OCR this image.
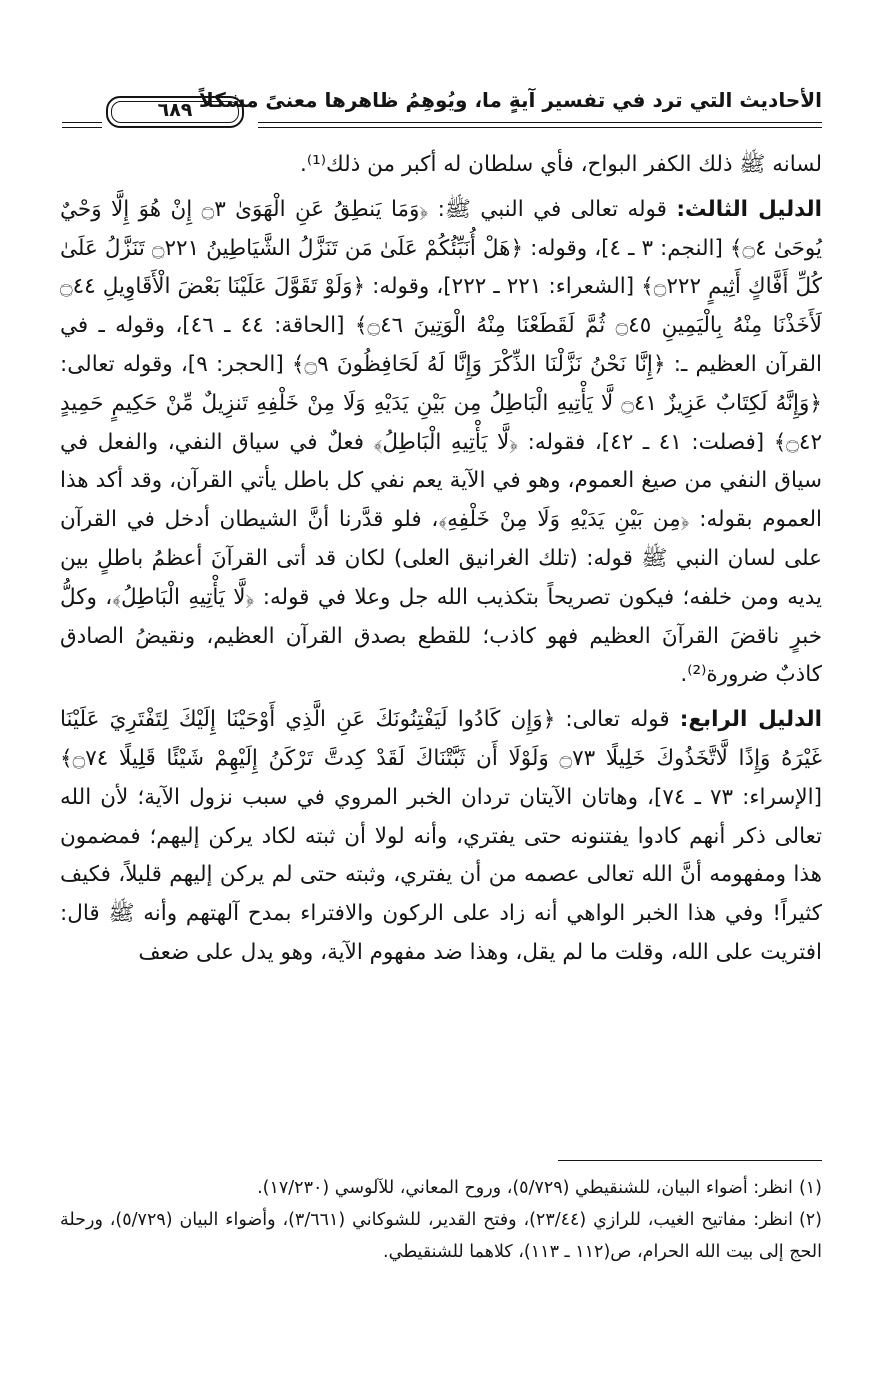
الأحاديث التي ترد في تفسير آيةٍ ما، ويُوهِمُ ظاهرها معنىً مشكلاً
٦٨٩

لسانه ﷺ ذلك الكفر البواح، فأي سلطان له أكبر من ذلك⁽¹⁾.

الدليل الثالث: قوله تعالى في النبي ﷺ: ﴿وَمَا يَنطِقُ عَنِ الْهَوَىٰ ۝٣ إِنْ هُوَ إِلَّا وَحْيٌ يُوحَىٰ ۝٤﴾ [النجم: ٣ ـ ٤]، وقوله: ﴿هَلْ أُنَبِّئُكُمْ عَلَىٰ مَن تَنَزَّلُ الشَّيَاطِينُ ۝٢٢١ تَنَزَّلُ عَلَىٰ كُلِّ أَفَّاكٍ أَثِيمٍ ۝٢٢٢﴾ [الشعراء: ٢٢١ ـ ٢٢٢]، وقوله: ﴿وَلَوْ تَقَوَّلَ عَلَيْنَا بَعْضَ الْأَقَاوِيلِ ۝٤٤ لَأَخَذْنَا مِنْهُ بِالْيَمِينِ ۝٤٥ ثُمَّ لَقَطَعْنَا مِنْهُ الْوَتِينَ ۝٤٦﴾ [الحاقة: ٤٤ ـ ٤٦]، وقوله ـ في القرآن العظيم ـ: ﴿إِنَّا نَحْنُ نَزَّلْنَا الذِّكْرَ وَإِنَّا لَهُ لَحَافِظُونَ ۝٩﴾ [الحجر: ٩]، وقوله تعالى: ﴿وَإِنَّهُ لَكِتَابٌ عَزِيزٌ ۝٤١ لَّا يَأْتِيهِ الْبَاطِلُ مِن بَيْنِ يَدَيْهِ وَلَا مِنْ خَلْفِهِ تَنزِيلٌ مِّنْ حَكِيمٍ حَمِيدٍ ۝٤٢﴾ [فصلت: ٤١ ـ ٤٢]، فقوله: ﴿لَّا يَأْتِيهِ الْبَاطِلُ﴾ فعلٌ في سياق النفي، والفعل في سياق النفي من صيغ العموم، وهو في الآية يعم نفي كل باطل يأتي القرآن، وقد أكد هذا العموم بقوله: ﴿مِن بَيْنِ يَدَيْهِ وَلَا مِنْ خَلْفِهِ﴾، فلو قدَّرنا أنَّ الشيطان أدخل في القرآن على لسان النبي ﷺ قوله: (تلك الغرانيق العلى) لكان قد أتى القرآنَ أعظمُ باطلٍ بين يديه ومن خلفه؛ فيكون تصريحاً بتكذيب الله جل وعلا في قوله: ﴿لَّا يَأْتِيهِ الْبَاطِلُ﴾، وكلُّ خبرٍ ناقضَ القرآنَ العظيم فهو كاذب؛ للقطع بصدق القرآن العظيم، ونقيضُ الصادق كاذبٌ ضرورة⁽²⁾.

الدليل الرابع: قوله تعالى: ﴿وَإِن كَادُوا لَيَفْتِنُونَكَ عَنِ الَّذِي أَوْحَيْنَا إِلَيْكَ لِتَفْتَرِيَ عَلَيْنَا غَيْرَهُ وَإِذًا لَّاتَّخَذُوكَ خَلِيلًا ۝٧٣ وَلَوْلَا أَن ثَبَّتْنَاكَ لَقَدْ كِدتَّ تَرْكَنُ إِلَيْهِمْ شَيْئًا قَلِيلًا ۝٧٤﴾ [الإسراء: ٧٣ ـ ٧٤]، وهاتان الآيتان تردان الخبر المروي في سبب نزول الآية؛ لأن الله تعالى ذكر أنهم كادوا يفتنونه حتى يفتري، وأنه لولا أن ثبته لكاد يركن إليهم؛ فمضمون هذا ومفهومه أنَّ الله تعالى عصمه من أن يفتري، وثبته حتى لم يركن إليهم قليلاً، فكيف كثيراً! وفي هذا الخبر الواهي أنه زاد على الركون والافتراء بمدح آلهتهم وأنه ﷺ قال: افتريت على الله، وقلت ما لم يقل، وهذا ضد مفهوم الآية، وهو يدل على ضعف

(١)انظر: أضواء البيان، للشنقيطي (٥/٧٢٩)، وروح المعاني، للآلوسي (١٧/٢٣٠).

(٢)انظر: مفاتيح الغيب، للرازي (٢٣/٤٤)، وفتح القدير، للشوكاني (٣/٦٦١)، وأضواء البيان (٥/٧٢٩)، ورحلة الحج إلى بيت الله الحرام، ص(١١٢ ـ ١١٣)، كلاهما للشنقيطي.
